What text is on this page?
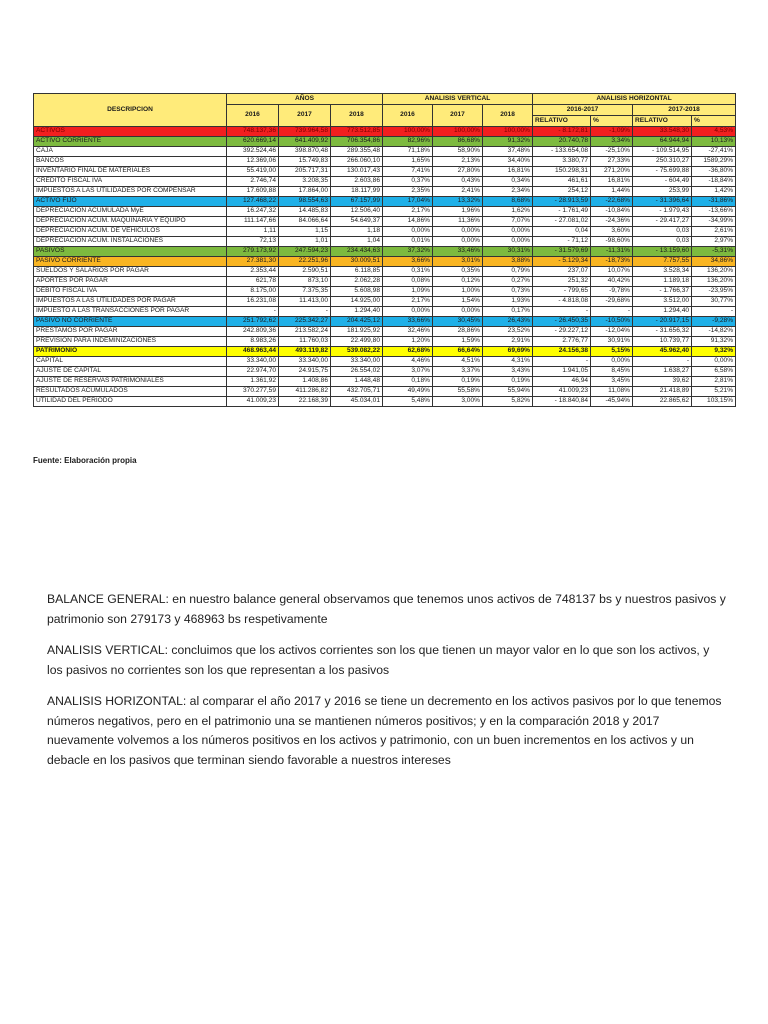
DESCRIPCION	AÑOS			ANALISIS VERTICAL			ANALISIS HORIZONTAL			
	2016	2017	2018	2016	2017	2018	2016-2017		2017-2018	
							RELATIVO	%	RELATIVO	%
ACTIVOS	748.137,36	739.964,58	773.512,85	100,00%	100,00%	100,00%	- 8.172,81	-1,09%	33.548,30	4,53%
ACTIVO CORRIENTE	620.669,14	641.409,92	706.354,86	82,96%	86,68%	91,32%	20.740,78	3,34%	64.944,94	10,13%
CAJA	392.524,46	398.870,48	289.355,48	71,18%	58,90%	37,48%	- 133.654,08	-25,10%	- 109.514,95	-27,41%
BANCOS	12.369,06	15.749,83	266.060,10	1,65%	2,13%	34,40%	3.380,77	27,33%	250.310,27	1589,29%
INVENTARIO FINAL DE MATERIALES	55.419,00	205.717,31	130.017,43	7,41%	27,80%	16,81%	150.298,31	271,20%	- 75.699,88	-36,80%
CREDITO FISCAL IVA	2.746,74	3.208,35	2.603,86	0,37%	0,43%	0,34%	461,61	16,81%	- 604,49	-18,84%
IMPUESTOS A LAS UTILIDADES POR COMPENSAR	17.609,88	17.864,00	18.117,99	2,35%	2,41%	2,34%	254,12	1,44%	253,99	1,42%
ACTIVO FIJO	127.468,22	98.554,63	67.157,99	17,04%	13,32%	8,68%	- 28.913,59	-22,68%	- 31.396,64	-31,86%
DEPRECIACION ACUMULADA MyE	16.247,32	14.485,83	12.506,40	2,17%	1,96%	1,62%	- 1.761,49	-10,84%	- 1.979,43	-13,66%
DEPRECIACION ACUM. MAQUINARIA Y EQUIPO	111.147,66	84.066,64	54.649,37	14,86%	11,36%	7,07%	- 27.081,02	-24,36%	- 29.417,27	-34,99%
DEPRECIACION ACUM. DE VEHICULOS	1,11	1,15	1,18	0,00%	0,00%	0,00%	0,04	3,60%	0,03	2,61%
DEPRECIACION ACUM. INSTALACIONES	72,13	1,01	1,04	0,01%	0,00%	0,00%	- 71,12	-98,60%	0,03	2,97%
PASIVOS	279.173,92	247.594,23	234.434,63	37,32%	33,46%	30,31%	- 31.579,69	-11,31%	- 13.159,60	-5,31%
PASIVO CORRIENTE	27.381,30	22.251,96	30.009,51	3,66%	3,01%	3,88%	- 5.129,34	-18,73%	7.757,55	34,86%
SUELDOS Y SALARIOS POR PAGAR	2.353,44	2.590,51	6.118,85	0,31%	0,35%	0,79%	237,07	10,07%	3.528,34	136,20%
APORTES POR PAGAR	621,78	873,10	2.062,28	0,08%	0,12%	0,27%	251,32	40,42%	1.189,18	136,20%
DEBITO FISCAL IVA	8.175,00	7.375,35	5.608,98	1,09%	1,00%	0,73%	- 799,65	-9,78%	- 1.766,37	-23,95%
IMPUESTOS A LAS UTILIDADES POR PAGAR	16.231,08	11.413,00	14.925,00	2,17%	1,54%	1,93%	- 4.818,08	-29,68%	3.512,00	30,77%
IMPUESTO A LAS TRANSACCIONES POR PAGAR	-	-	1.294,40	0,00%	0,00%	0,17%	-	-	1.294,40	-
PASIVO NO CORRIENTE	251.792,62	225.342,27	204.425,12	33,66%	30,45%	26,43%	- 26.450,35	-10,50%	- 20.917,15	-9,28%
PRESTAMOS POR PAGAR	242.809,36	213.582,24	181.925,92	32,46%	28,86%	23,52%	- 29.227,12	-12,04%	- 31.656,32	-14,82%
PREVISION PARA INDEMINIZACIONES	8.983,26	11.760,03	22.499,80	1,20%	1,59%	2,91%	2.776,77	30,91%	10.739,77	91,32%
PATRIMONIO	468.963,44	493.119,82	539.082,22	62,68%	66,64%	69,69%	24.156,38	5,15%	45.962,40	9,32%
CAPITAL	33.340,00	33.340,00	33.340,00	4,46%	4,51%	4,31%	-	0,00%	-	0,00%
AJUSTE DE CAPITAL	22.974,70	24.915,75	26.554,02	3,07%	3,37%	3,43%	1.941,05	8,45%	1.638,27	6,58%
AJUSTE DE RESERVAS PATRIMONIALES	1.361,92	1.408,86	1.448,48	0,18%	0,19%	0,19%	46,94	3,45%	39,62	2,81%
RESULTADOS ACUMULADOS	370.277,59	411.286,82	432.705,71	49,49%	55,58%	55,94%	41.009,23	11,08%	21.418,89	5,21%
UTILIDAD DEL PERIODO	41.009,23	22.168,39	45.034,01	5,48%	3,00%	5,82%	- 18.840,84	-45,94%	22.865,62	103,15%
Fuente: Elaboración propia

BALANCE GENERAL: en nuestro balance general observamos que tenemos unos activos de 748137 bs y nuestros pasivos y patrimonio son 279173 y 468963 bs respetivamente

ANALISIS VERTICAL: concluimos que los activos corrientes son los que tienen un mayor valor en lo que son los activos, y los pasivos no corrientes son los que representan a los pasivos

ANALISIS HORIZONTAL: al comparar el año 2017 y 2016 se tiene un decremento en los activos pasivos por lo que tenemos números negativos, pero en el patrimonio una se mantienen números positivos; y en la comparación 2018 y 2017 nuevamente volvemos a los números positivos en los activos y patrimonio, con un buen incrementos en los activos y un debacle en los pasivos que terminan siendo favorable a nuestros intereses
